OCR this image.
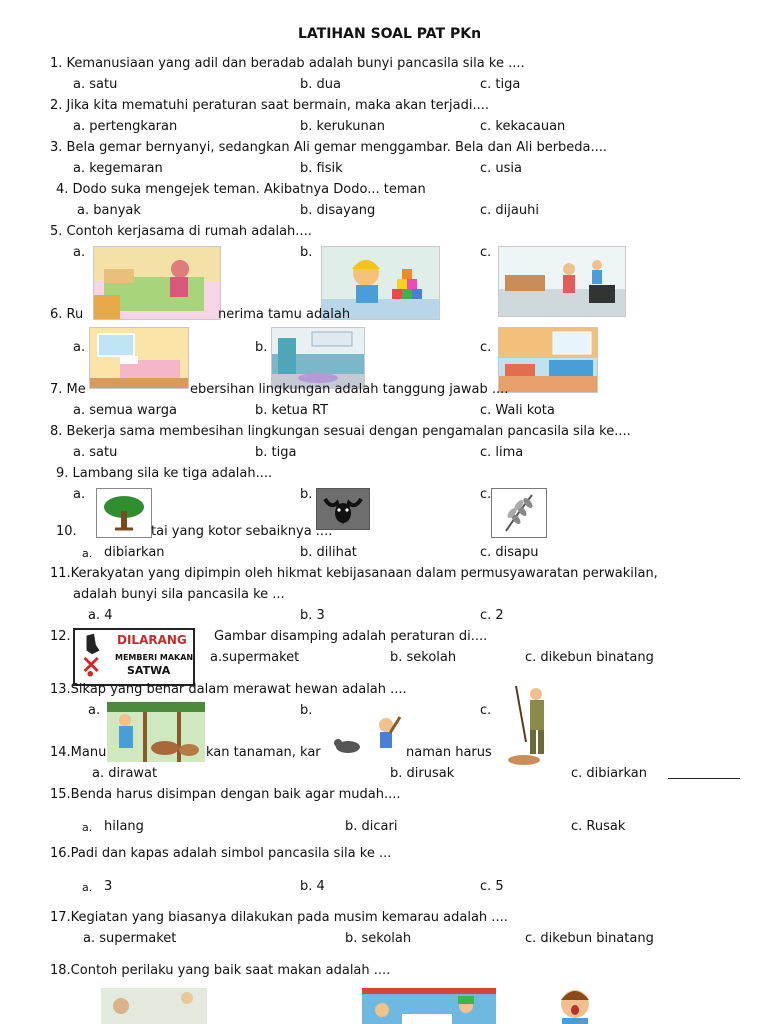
LATIHAN SOAL PAT PKn
1. Kemanusiaan yang adil dan beradab adalah bunyi pancasila sila ke ....
a. satu	b. dua	c. tiga
2. Jika kita mematuhi peraturan saat bermain, maka akan terjadi....
a. pertengkaran	b. kerukunan	c. kekacauan
3. Bela gemar bernyanyi, sedangkan Ali gemar menggambar. Bela dan Ali berbeda....
a. kegemaran	b. fisik	c. usia
4. Dodo suka mengejek teman. Akibatnya Dodo... teman
a. banyak	b. disayang	c. dijauhi
5. Contoh kerjasama di rumah adalah....
a.	b.	c.
6. Ru	nerima tamu adalah
a.	b.	c.
7. Me	ebersihan lingkungan adalah tanggung jawab ....
a. semua warga	b. ketua RT	c. Wali kota
8. Bekerja sama membesihan lingkungan sesuai dengan pengamalan pancasila sila ke....
a. satu	b. tiga	c. lima
9. Lambang sila ke tiga adalah....
a.	b.	c.
10.	tai yang kotor sebaiknya ....
a. dibiarkan	b. dilihat	c. disapu
11.Kerakyatan yang dipimpin oleh hikmat kebijasanaan dalam permusyawaratan perwakilan,
adalah bunyi sila pancasila ke ...
a. 4	b. 3	c. 2
12.	Gambar disamping adalah peraturan di....
a.supermaket	b. sekolah	c. dikebun binatang
DILARANG
MEMBERI MAKAN
SATWA
13.Sikap yang benar dalam merawat hewan adalah ....
a.	b.	c.
14.Manu	kan tanaman, kar	naman harus
a. dirawat	b. dirusak	c. dibiarkan
15.Benda harus disimpan dengan baik agar mudah....
a. hilang	b. dicari	c. Rusak
16.Padi dan kapas adalah simbol pancasila sila ke ...
a. 3	b. 4	c. 5
17.Kegiatan yang biasanya dilakukan pada musim kemarau adalah ....
a. supermaket	b. sekolah	c. dikebun binatang
18.Contoh perilaku yang baik saat makan adalah ....
